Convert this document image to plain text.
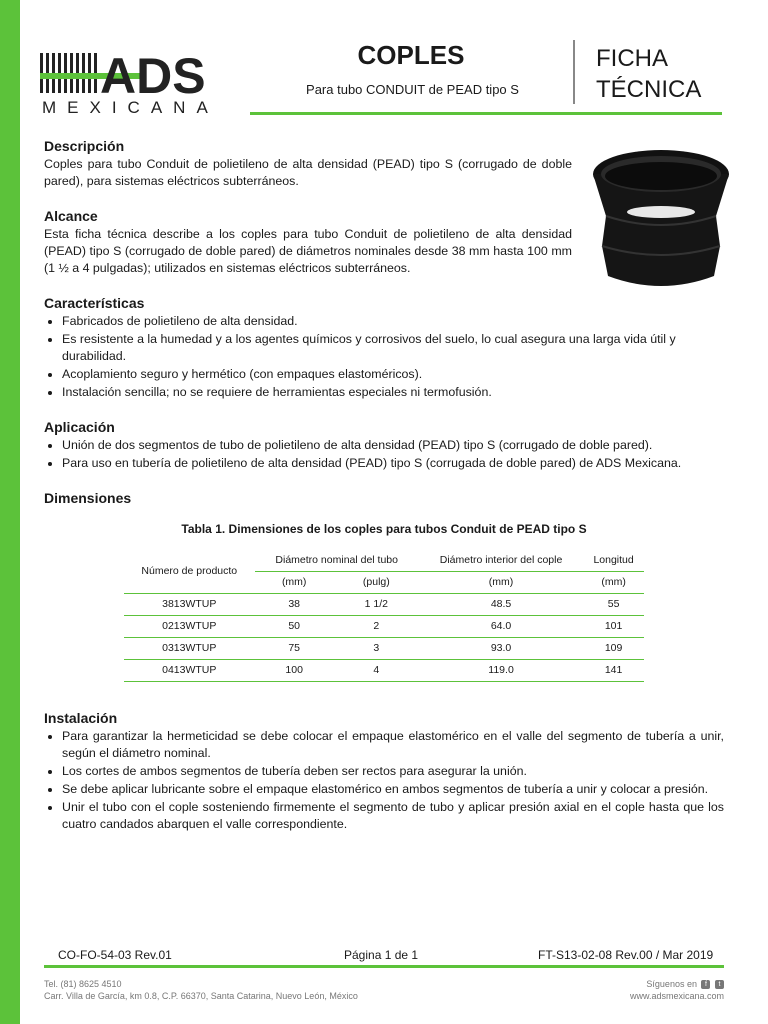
ADS
MEXICANA
COPLES
Para tubo CONDUIT de PEAD tipo S
FICHA
TÉCNICA
Descripción

Coples para tubo Conduit de polietileno de alta densidad (PEAD) tipo S (corrugado de doble pared), para sistemas eléctricos subterráneos.

Alcance

Esta ficha técnica describe a los coples para tubo Conduit de polietileno de alta densidad (PEAD) tipo S (corrugado de doble pared) de diámetros nominales desde 38 mm hasta 100 mm (1 ½ a 4 pulgadas); utilizados en sistemas eléctricos subterráneos.

Características
• Fabricados de polietileno de alta densidad.
• Es resistente a la humedad y a los agentes químicos y corrosivos del suelo, lo cual asegura una larga vida útil y durabilidad.
• Acoplamiento seguro y hermético (con empaques elastoméricos).
• Instalación sencilla; no se requiere de herramientas especiales ni termofusión.
Aplicación
• Unión de dos segmentos de tubo de polietileno de alta densidad (PEAD) tipo S (corrugado de doble pared).
• Para uso en tubería de polietileno de alta densidad (PEAD) tipo S (corrugada de doble pared) de ADS Mexicana.
Dimensiones
Tabla 1. Dimensiones de los coples para tubos Conduit de PEAD tipo S
Número de producto	Diámetro nominal del tubo		Diámetro interior del cople	Longitud
	(mm)	(pulg)	(mm)	(mm)
3813WTUP	38	1 1/2	48.5	55
0213WTUP	50	2	64.0	101
0313WTUP	75	3	93.0	109
0413WTUP	100	4	119.0	141
Instalación
• Para garantizar la hermeticidad se debe colocar el empaque elastomérico en el valle del segmento de tubería a unir, según el diámetro nominal.
• Los cortes de ambos segmentos de tubería deben ser rectos para asegurar la unión.
• Se debe aplicar lubricante sobre el empaque elastomérico en ambos segmentos de tubería a unir y colocar a presión.
• Unir el tubo con el cople sosteniendo firmemente el segmento de tubo y aplicar presión axial en el cople hasta que los cuatro candados abarquen el valle correspondiente.
CO-FO-54-03 Rev.01	Página 1 de 1	FT-S13-02-08 Rev.00 / Mar 2019
Tel. (81) 8625 4510
Carr. Villa de García, km 0.8, C.P. 66370, Santa Catarina, Nuevo León, México
Síguenos en f t
www.adsmexicana.com
